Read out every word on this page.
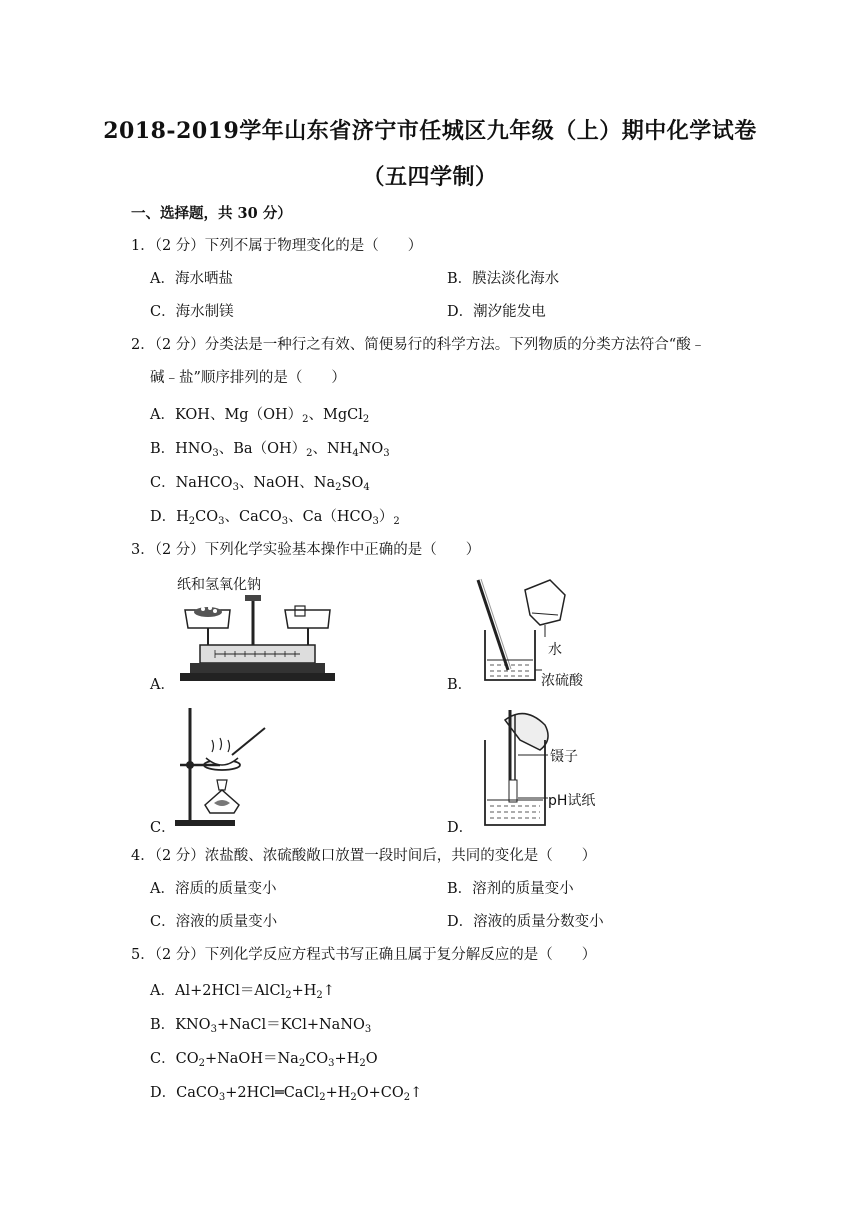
2018-2019学年山东省济宁市任城区九年级（上）期中化学试卷
（五四学制）
一、选择题，共 30 分）
1．（2 分）下列不属于物理变化的是（　　）
A．海水晒盐	B．膜法淡化海水
C．海水制镁	D．潮汐能发电
2．（2 分）分类法是一种行之有效、简便易行的科学方法。下列物质的分类方法符合“酸﹣
碱﹣盐”顺序排列的是（　　）
A．KOH、$Mg(OH)_2$、MgCl$_2$
B．$HNO_3$、$Ba(OH)_2$、$NH_4NO_3$
C．NaHCO$_3$、NaOH、$Na_2SO_4$
D．$H_2CO_3$、CaCO$_3$、$Ca(HCO_3)_2$
3．（2 分）下列化学实验基本操作中正确的是（　　）
纸和氢氧化钠
A．
水
浓硫酸
B．
C．
镊子
pH试纸
D．
4．（2 分）浓盐酸、浓硫酸敞口放置一段时间后，共同的变化是（　　）
A．溶质的质量变小	B．溶剂的质量变小
C．溶液的质量变小	D．溶液的质量分数变小
5．（2 分）下列化学反应方程式书写正确且属于复分解反应的是（　　）
A．$Al+2HCl=AlCl_2+H_2↑$
B．$KNO_3+NaCl=KCl+NaNO_3$
C．$CO_2+NaOH=Na_2CO_3+H_2O$
D．$CaCO_3+2HCl═CaCl_2+H_2O+CO_2↑$
